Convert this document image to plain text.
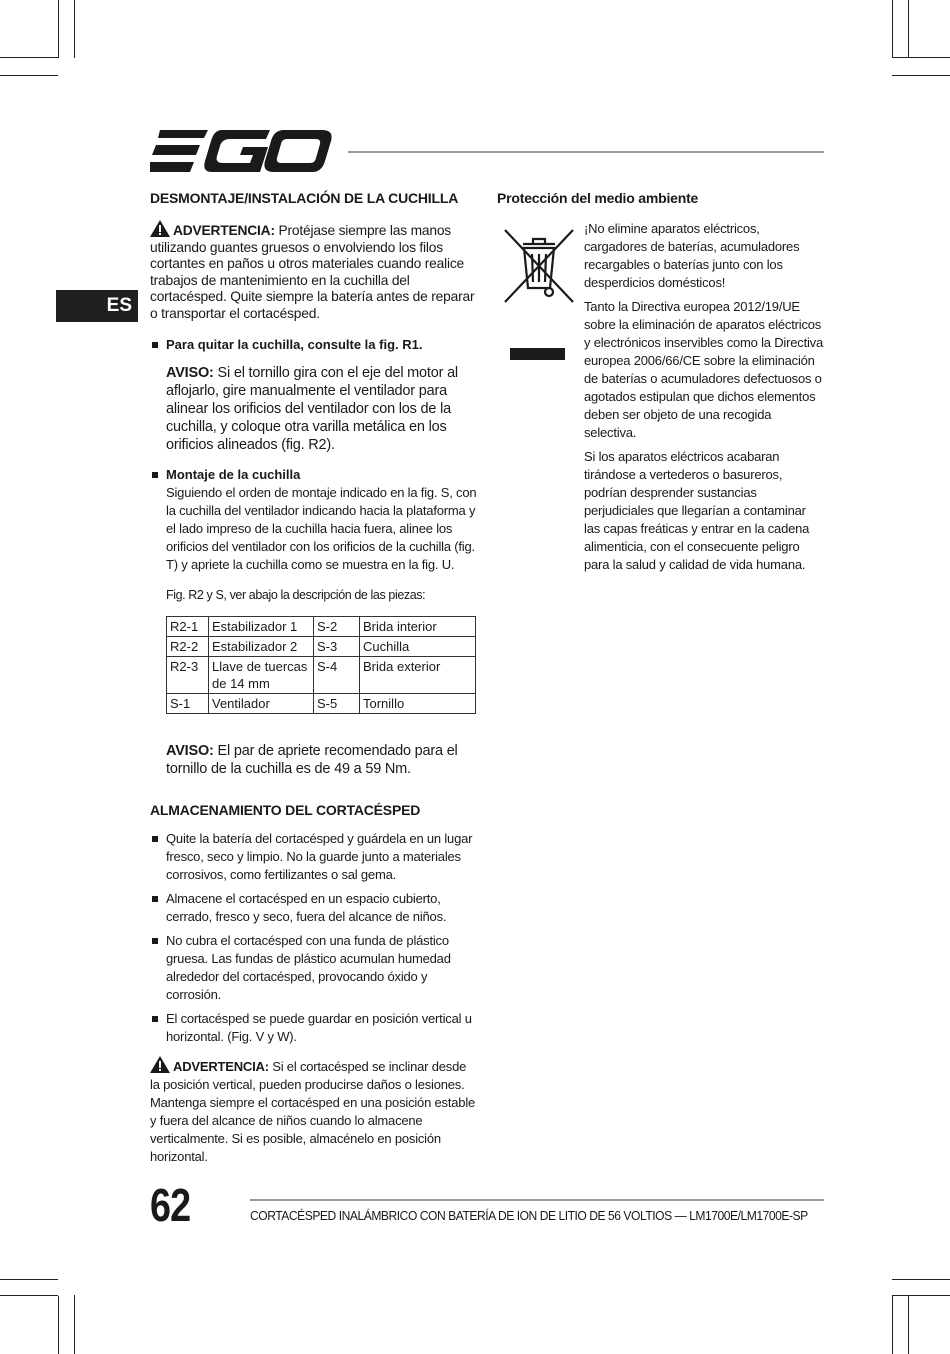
ES
DESMONTAJE/INSTALACIÓN DE LA CUCHILLA

ADVERTENCIA: Protéjase siempre las manos utilizando guantes gruesos o envolviendo los filos cortantes en paños u otros materiales cuando realice trabajos de mantenimiento en la cuchilla del cortacésped. Quite siempre la batería antes de reparar o transportar el cortacésped.

Para quitar la cuchilla, consulte la fig. R1.

AVISO: Si el tornillo gira con el eje del motor al aflojarlo, gire manualmente el ventilador para alinear los orificios del ventilador con los de la cuchilla, y coloque otra varilla metálica en los orificios alineados (fig. R2).

Montaje de la cuchilla
Siguiendo el orden de montaje indicado en la fig. S, con la cuchilla del ventilador indicando hacia la plataforma y el lado impreso de la cuchilla hacia fuera, alinee los orificios del ventilador con los orificios de la cuchilla (fig. T) y apriete la cuchilla como se muestra en la fig. U.

Fig. R2 y S, ver abajo la descripción de las piezas:

R2-1	Estabilizador 1	S-2	Brida interior
R2-2	Estabilizador 2	S-3	Cuchilla
R2-3	Llave de tuercas de 14 mm	S-4	Brida exterior
S-1	Ventilador	S-5	Tornillo

AVISO: El par de apriete recomendado para el tornillo de la cuchilla es de 49 a 59 Nm.

ALMACENAMIENTO DEL CORTACÉSPED

Quite la batería del cortacésped y guárdela en un lugar fresco, seco y limpio. No la guarde junto a materiales corrosivos, como fertilizantes o sal gema.

Almacene el cortacésped en un espacio cubierto, cerrado, fresco y seco, fuera del alcance de niños.

No cubra el cortacésped con una funda de plástico gruesa. Las fundas de plástico acumulan humedad alrededor del cortacésped, provocando óxido y corrosión.

El cortacésped se puede guardar en posición vertical u horizontal. (Fig. V y W).

ADVERTENCIA: Si el cortacésped se inclinar desde la posición vertical, pueden producirse daños o lesiones. Mantenga siempre el cortacésped en una posición estable y fuera del alcance de niños cuando lo almacene verticalmente. Si es posible, almacénelo en posición horizontal.

Protección del medio ambiente

¡No elimine aparatos eléctricos, cargadores de baterías, acumuladores recargables o baterías junto con los desperdicios domésticos!

Tanto la Directiva europea 2012/19/UE sobre la eliminación de aparatos eléctricos y electrónicos inservibles como la Directiva europea 2006/66/CE sobre la eliminación de baterías o acumuladores defectuosos o agotados estipulan que dichos elementos deben ser objeto de una recogida selectiva.

Si los aparatos eléctricos acabaran tirándose a vertederos o basureros, podrían desprender sustancias perjudiciales que llegarían a contaminar las capas freáticas y entrar en la cadena alimenticia, con el consecuente peligro para la salud y calidad de vida humana.

62	CORTACÉSPED INALÁMBRICO CON BATERÍA DE ION DE LITIO DE 56 VOLTIOS — LM1700E/LM1700E-SP
